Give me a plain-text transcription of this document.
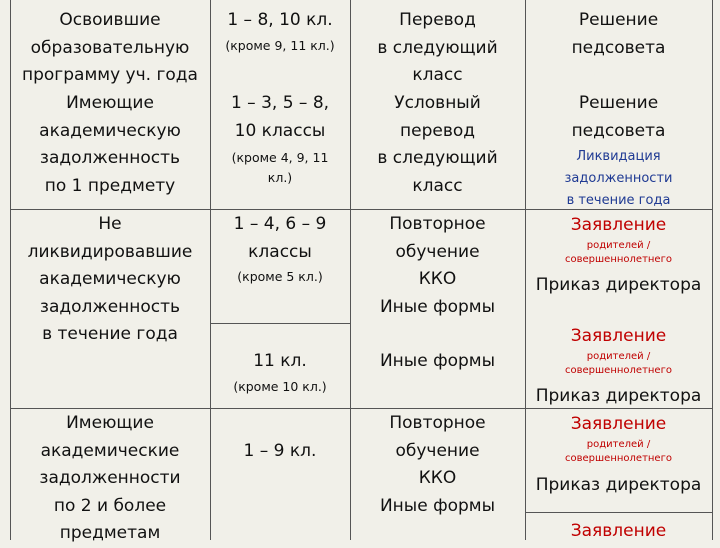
Освоившие
образовательную
программу уч. года
1 – 8, 10 кл.
(кроме 9, 11 кл.)
Перевод
в следующий
класс
Решение
педсовета
Имеющие
академическую
задолженность
по 1 предмету
1 – 3, 5 – 8,
10 классы
(кроме 4, 9, 11
кл.)
Условный
перевод
в следующий
класс
Решение
педсовета
Ликвидация
задолженности
в течение года
Не
ликвидировавшие
академическую
задолженность
в течение года
1 – 4, 6 – 9
классы
(кроме 5 кл.)
Повторное
обучение
ККО
Иные формы
Заявление
родителей /
совершеннолетнего
Приказ директора
11 кл.
(кроме 10 кл.)
Иные формы
Заявление
родителей /
совершеннолетнего
Приказ директора
Имеющие
академические
задолженности
по 2 и более
предметам
1 – 9 кл.
Повторное
обучение
ККО
Иные формы
Заявление
родителей /
совершеннолетнего
Приказ директора
Заявление
